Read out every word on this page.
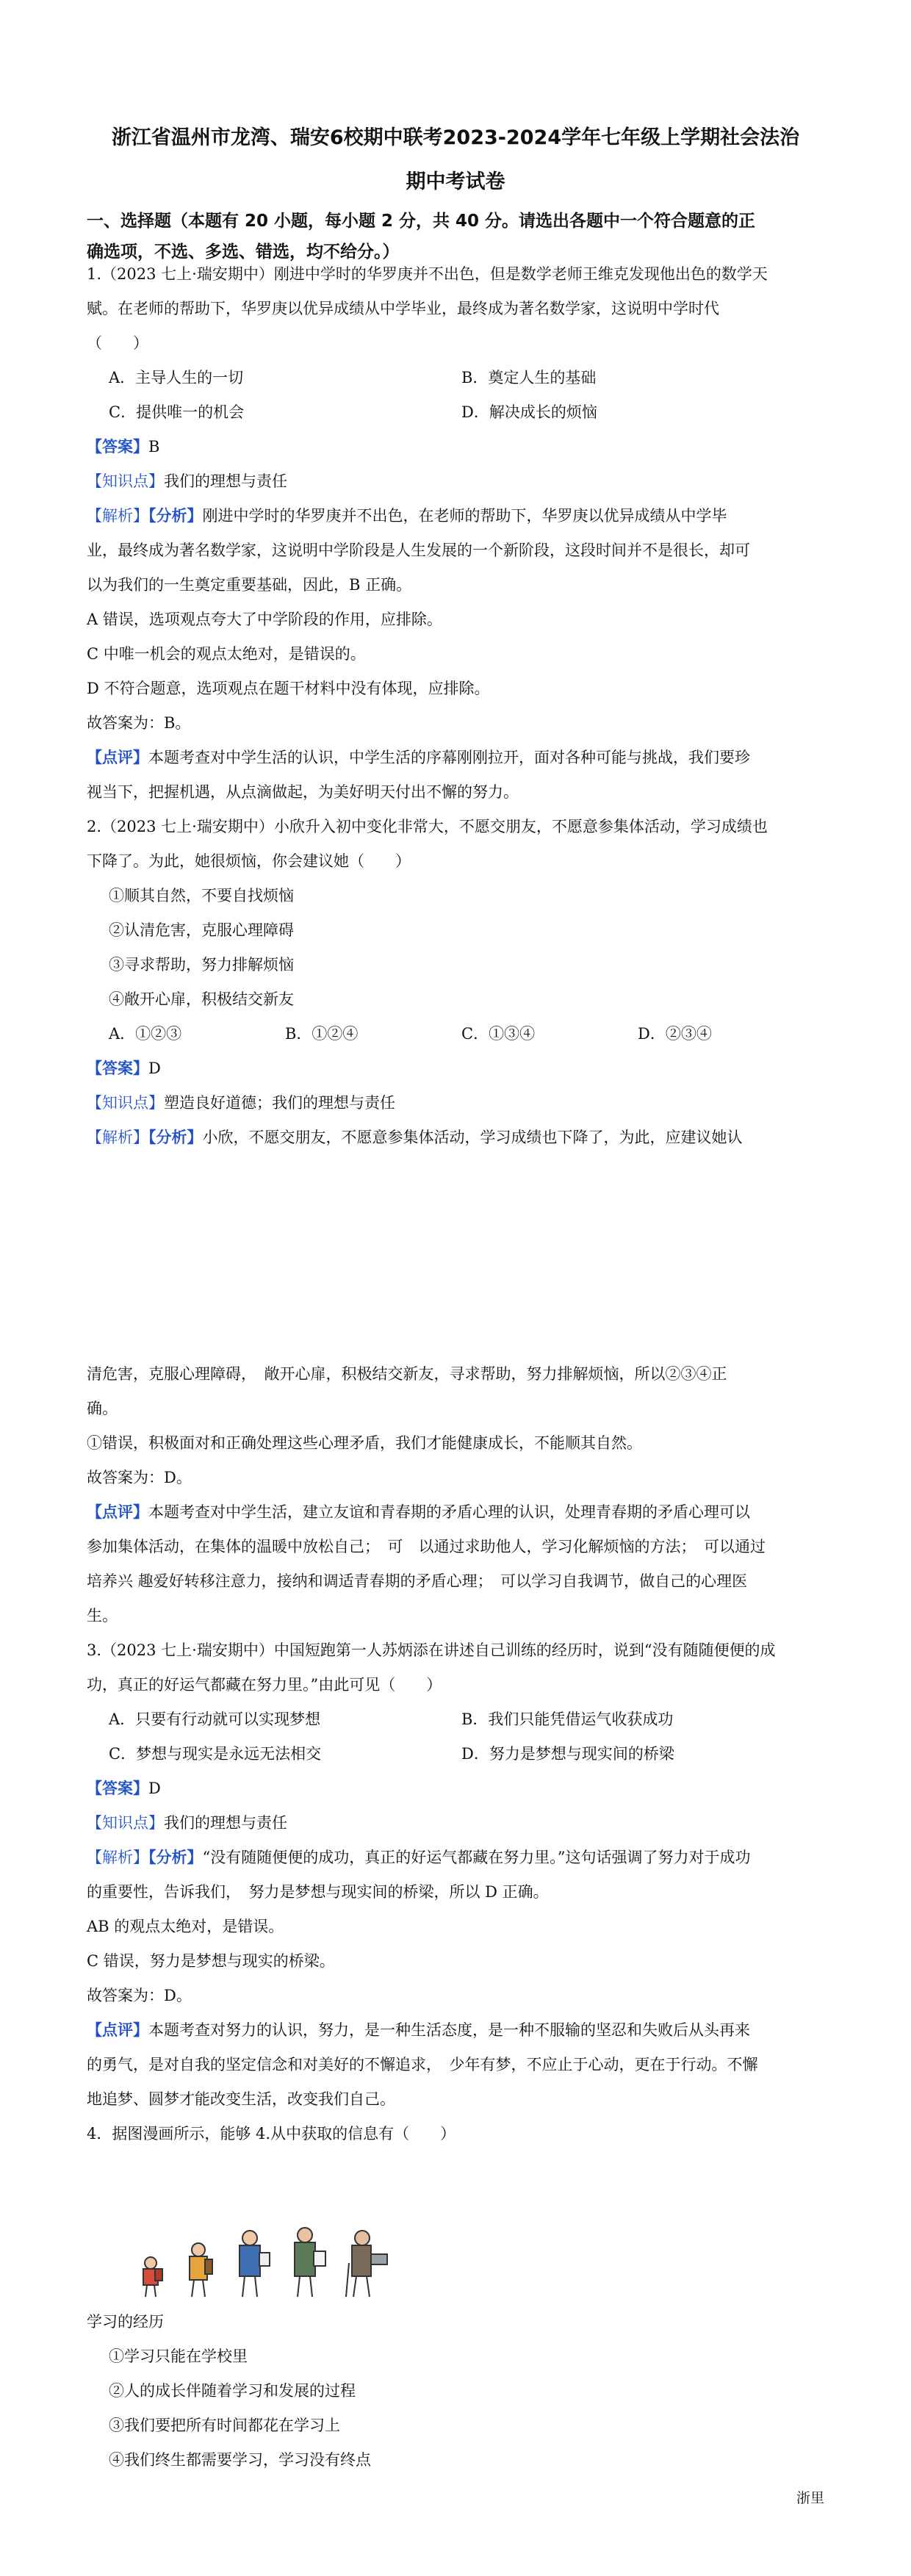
浙江省温州市龙湾、瑞安6校期中联考2023-2024学年七年级上学期社会法治
期中考试卷
一、选择题（本题有 20 小题，每小题 2 分，共 40 分。请选出各题中一个符合题意的正
确选项，不选、多选、错选，均不给分。）
1.（2023 七上·瑞安期中）刚进中学时的华罗庚并不出色，但是数学老师王维克发现他出色的数学天
赋。在老师的帮助下，华罗庚以优异成绩从中学毕业，最终成为著名数学家，这说明中学时代
（　　）
A．主导人生的一切	B．奠定人生的基础
C．提供唯一的机会	D．解决成长的烦恼
【答案】B
【知识点】我们的理想与责任
【解析】【分析】刚进中学时的华罗庚并不出色，在老师的帮助下，华罗庚以优异成绩从中学毕
业，最终成为著名数学家，这说明中学阶段是人生发展的一个新阶段，这段时间并不是很长，却可
以为我们的一生奠定重要基础，因此，B 正确。
A 错误，选项观点夸大了中学阶段的作用，应排除。
C 中唯一机会的观点太绝对，是错误的。
D 不符合题意，选项观点在题干材料中没有体现，应排除。
故答案为：B。
【点评】本题考查对中学生活的认识，中学生活的序幕刚刚拉开，面对各种可能与挑战，我们要珍
视当下，把握机遇，从点滴做起，为美好明天付出不懈的努力。
2.（2023 七上·瑞安期中）小欣升入初中变化非常大，不愿交朋友，不愿意参集体活动，学习成绩也
下降了。为此，她很烦恼，你会建议她（　　）
①顺其自然，不要自找烦恼
②认清危害，克服心理障碍
③寻求帮助，努力排解烦恼
④敞开心扉，积极结交新友
A．①②③	B．①②④	C．①③④	D．②③④
【答案】D
【知识点】塑造良好道德；我们的理想与责任
【解析】【分析】小欣，不愿交朋友，不愿意参集体活动，学习成绩也下降了，为此，应建议她认
清危害，克服心理障碍，　敞开心扉，积极结交新友，寻求帮助，努力排解烦恼，所以②③④正
确。
①错误，积极面对和正确处理这些心理矛盾，我们才能健康成长，不能顺其自然。
故答案为：D。
【点评】本题考查对中学生活，建立友谊和青春期的矛盾心理的认识，处理青春期的矛盾心理可以
参加集体活动，在集体的温暖中放松自己；　可　以通过求助他人，学习化解烦恼的方法；　可以通过
培养兴 趣爱好转移注意力，接纳和调适青春期的矛盾心理；　可以学习自我调节，做自己的心理医
生。
3.（2023 七上·瑞安期中）中国短跑第一人苏炳添在讲述自己训练的经历时，说到“没有随随便便的成
功，真正的好运气都藏在努力里。”由此可见（　　）
A．只要有行动就可以实现梦想	B．我们只能凭借运气收获成功
C．梦想与现实是永远无法相交	D．努力是梦想与现实间的桥梁
【答案】D
【知识点】我们的理想与责任
【解析】【分析】“没有随随便便的成功，真正的好运气都藏在努力里。”这句话强调了努力对于成功
的重要性，告诉我们，　努力是梦想与现实间的桥梁，所以 D 正确。
AB 的观点太绝对，是错误。
C 错误，努力是梦想与现实的桥梁。
故答案为：D。
【点评】本题考查对努力的认识，努力，是一种生活态度，是一种不服输的坚忍和失败后从头再来
的勇气，是对自我的坚定信念和对美好的不懈追求，　少年有梦，不应止于心动，更在于行动。不懈
地追梦、圆梦才能改变生活，改变我们自己。
4．据图漫画所示，能够 4.从中获取的信息有（　　）
学习的经历
①学习只能在学校里
②人的成长伴随着学习和发展的过程
③我们要把所有时间都花在学习上
④我们终生都需要学习，学习没有终点
浙里
